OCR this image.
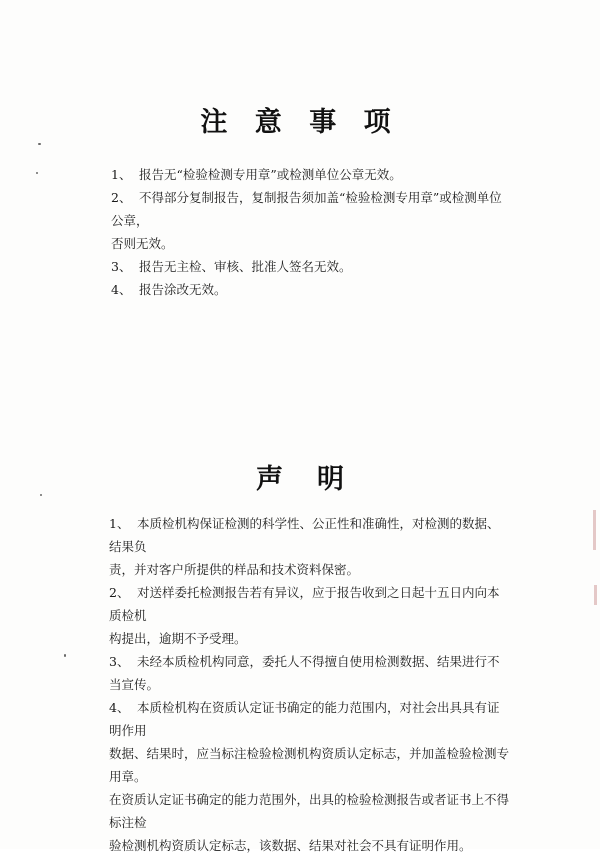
注 意 事 项

1、 报告无“检验检测专用章”或检测单位公章无效。

2、 不得部分复制报告，复制报告须加盖“检验检测专用章”或检测单位公章，

否则无效。

3、 报告无主检、审核、批准人签名无效。

4、 报告涂改无效。

声明

1、 本质检机构保证检测的科学性、公正性和准确性，对检测的数据、结果负

责，并对客户所提供的样品和技术资料保密。

2、 对送样委托检测报告若有异议，应于报告收到之日起十五日内向本质检机

构提出，逾期不予受理。

3、 未经本质检机构同意，委托人不得擅自使用检测数据、结果进行不当宣传。

4、 本质检机构在资质认定证书确定的能力范围内，对社会出具具有证明作用

数据、结果时，应当标注检验检测机构资质认定标志，并加盖检验检测专用章。

在资质认定证书确定的能力范围外，出具的检验检测报告或者证书上不得标注检

验检测机构资质认定标志，该数据、结果对社会不具有证明作用。
